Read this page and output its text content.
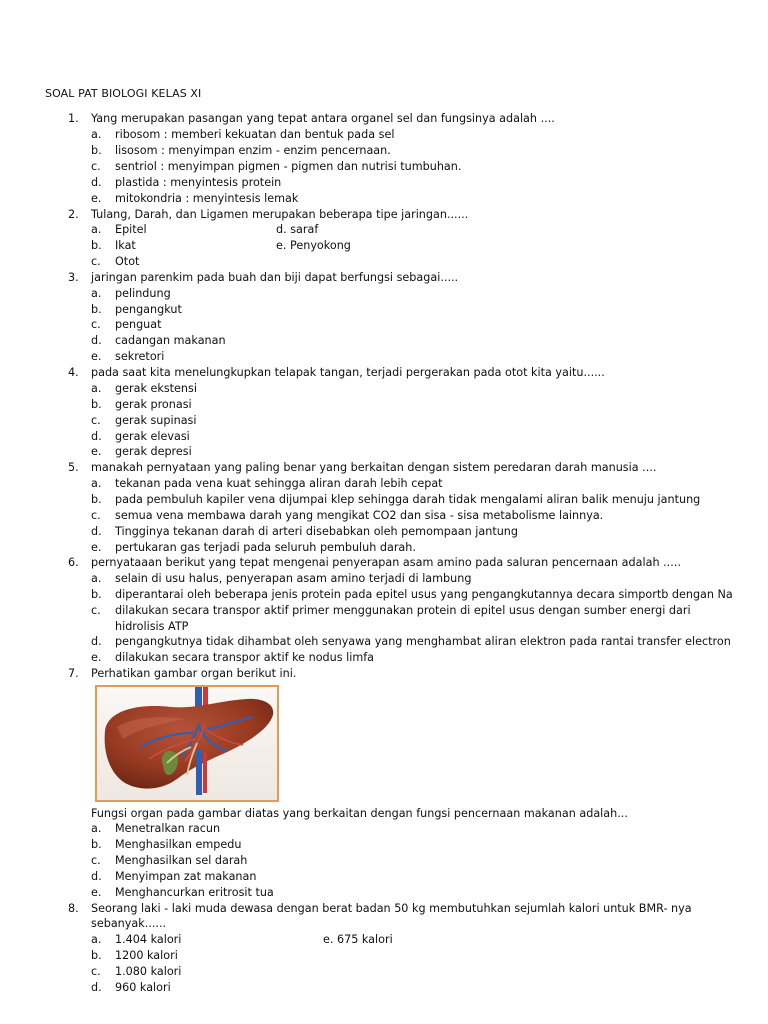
SOAL PAT BIOLOGI KELAS XI
1. Yang merupakan pasangan yang tepat antara organel sel dan fungsinya adalah ....
a. ribosom : memberi kekuatan dan bentuk pada sel
b. lisosom : menyimpan enzim - enzim pencernaan.
c. sentriol : menyimpan pigmen - pigmen dan nutrisi tumbuhan.
d. plastida : menyintesis protein
e. mitokondria : menyintesis lemak
2. Tulang, Darah, dan Ligamen merupakan beberapa tipe jaringan......
a. Epitel	d. saraf
b. Ikat	e. Penyokong
c. Otot
3. jaringan parenkim pada buah dan biji dapat berfungsi sebagai.....
a. pelindung
b. pengangkut
c. penguat
d. cadangan makanan
e. sekretori
4. pada saat kita menelungkupkan telapak tangan, terjadi pergerakan pada otot kita yaitu......
a. gerak ekstensi
b. gerak pronasi
c. gerak supinasi
d. gerak elevasi
e. gerak depresi
5. manakah pernyataan yang paling benar yang berkaitan dengan sistem peredaran darah manusia ....
a. tekanan pada vena kuat sehingga aliran darah lebih cepat
b. pada pembuluh kapiler vena dijumpai klep sehingga darah tidak mengalami aliran balik menuju jantung
c. semua vena membawa darah yang mengikat CO2 dan sisa - sisa metabolisme lainnya.
d. Tingginya tekanan darah di arteri disebabkan oleh pemompaan jantung
e. pertukaran gas terjadi pada seluruh pembuluh darah.
6. pernyataaan berikut yang tepat mengenai penyerapan asam amino pada saluran pencernaan adalah .....
a. selain di usu halus, penyerapan asam amino terjadi di lambung
b. diperantarai oleh beberapa jenis protein pada epitel usus yang pengangkutannya decara simportb dengan Na
c. dilakukan secara transpor aktif primer menggunakan protein di epitel usus dengan sumber energi dari
hidrolisis ATP
d. pengangkutnya tidak dihambat oleh senyawa yang menghambat aliran elektron pada rantai transfer electron
e. dilakukan secara transpor aktif ke nodus limfa
7. Perhatikan gambar organ berikut ini.
Fungsi organ pada gambar diatas yang berkaitan dengan fungsi pencernaan makanan adalah...
a. Menetralkan racun
b. Menghasilkan empedu
c. Menghasilkan sel darah
d. Menyimpan zat makanan
e. Menghancurkan eritrosit tua
8. Seorang laki - laki muda dewasa dengan berat badan 50 kg membutuhkan sejumlah kalori untuk BMR- nya
sebanyak......
a. 1.404 kalori	e. 675 kalori
b. 1200 kalori
c. 1.080 kalori
d. 960 kalori
